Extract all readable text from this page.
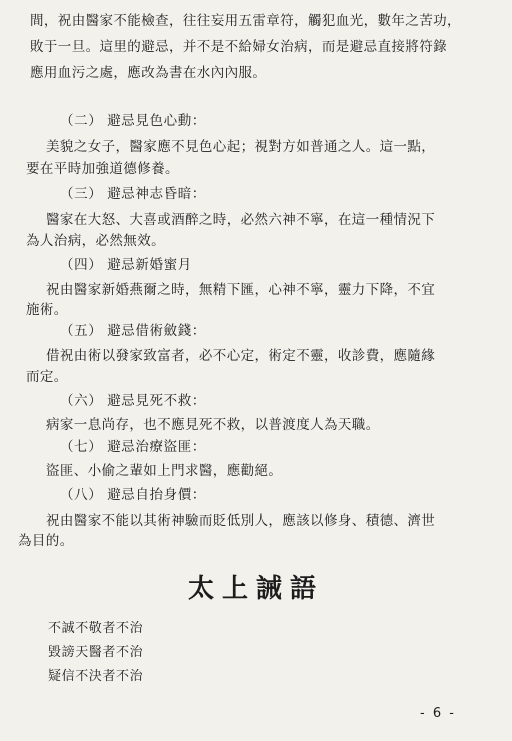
間，祝由醫家不能檢查，往往妄用五雷章符，觸犯血光，數年之苦功，
敗于一旦。這里的避忌，并不是不給婦女治病，而是避忌直接將符錄
應用血污之處，應改為書在水內內服。
（二） 避忌見色心動：
美貌之女子，醫家應不見色心起；視對方如普通之人。這一點，
要在平時加強道德修養。
（三） 避忌神志昏暗：
醫家在大怒、大喜或酒醉之時，必然六神不寧，在這一種情況下
為人治病，必然無效。
（四） 避忌新婚蜜月
祝由醫家新婚燕爾之時，無精下匯，心神不寧，靈力下降，不宜
施術。
（五） 避忌借術斂錢：
借祝由術以發家致富者，必不心定，術定不靈，收診費，應隨緣
而定。
（六） 避忌見死不救：
病家一息尚存，也不應見死不救，以普渡度人為天職。
（七） 避忌治療盜匪：
盜匪、小偷之輩如上門求醫，應勸絕。
（八） 避忌自抬身價：
祝由醫家不能以其術神驗而貶低別人，應該以修身、積德、濟世
為目的。
太上誡語
不誠不敬者不治
毀謗天醫者不治
疑信不決者不治
- 6 -
